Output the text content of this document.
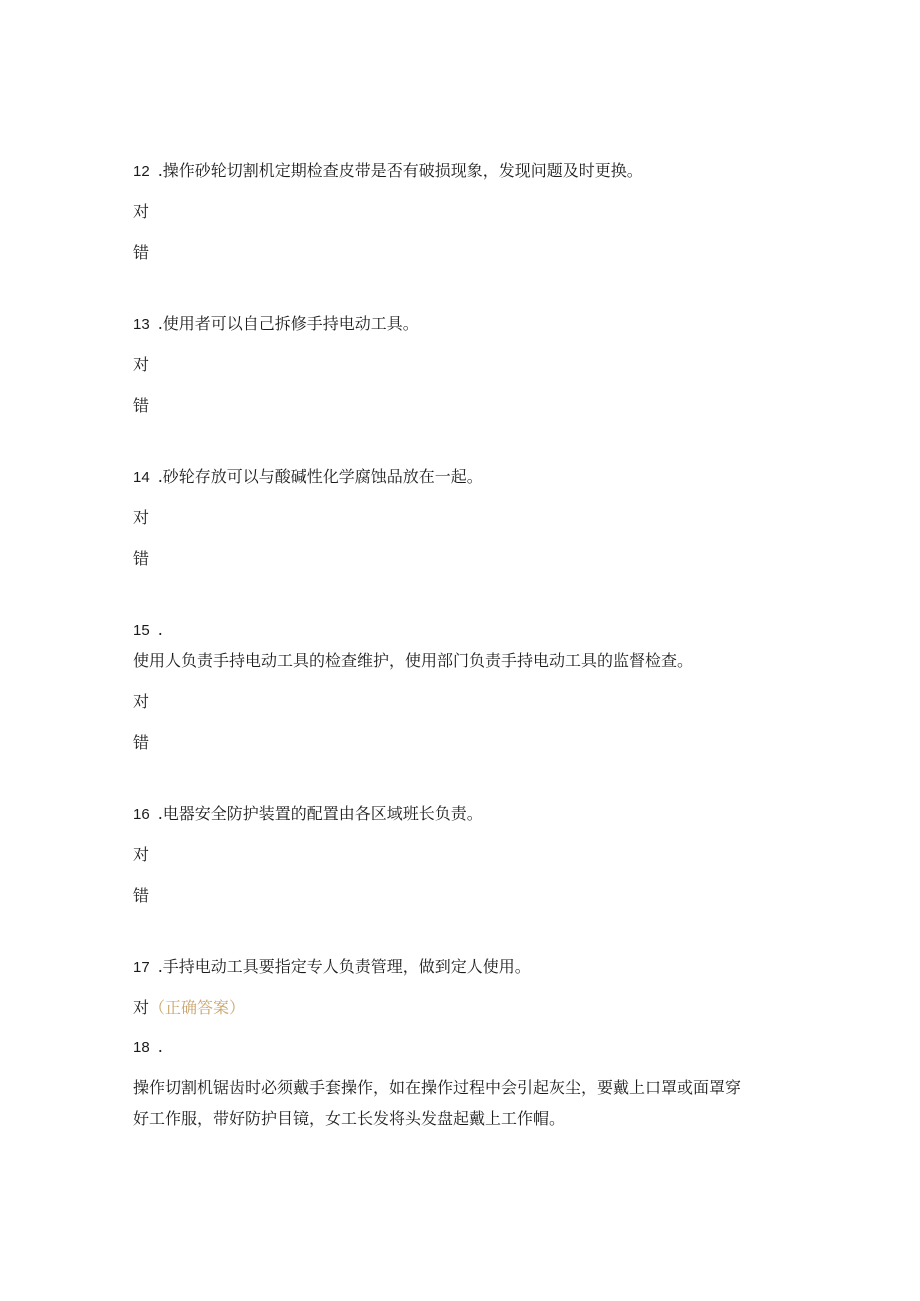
12 .操作砂轮切割机定期检查皮带是否有破损现象，发现问题及时更换。
对
错
13 .使用者可以自己拆修手持电动工具。
对
错
14 .砂轮存放可以与酸碱性化学腐蚀品放在一起。
对
错
15 .
使用人负责手持电动工具的检查维护，使用部门负责手持电动工具的监督检查。
对
错
16 .电器安全防护装置的配置由各区域班长负责。
对
错
17 .手持电动工具要指定专人负责管理，做到定人使用。
对（正确答案）
18 .
操作切割机锯齿时必须戴手套操作，如在操作过程中会引起灰尘，要戴上口罩或面罩穿
好工作服，带好防护目镜，女工长发将头发盘起戴上工作帽。
